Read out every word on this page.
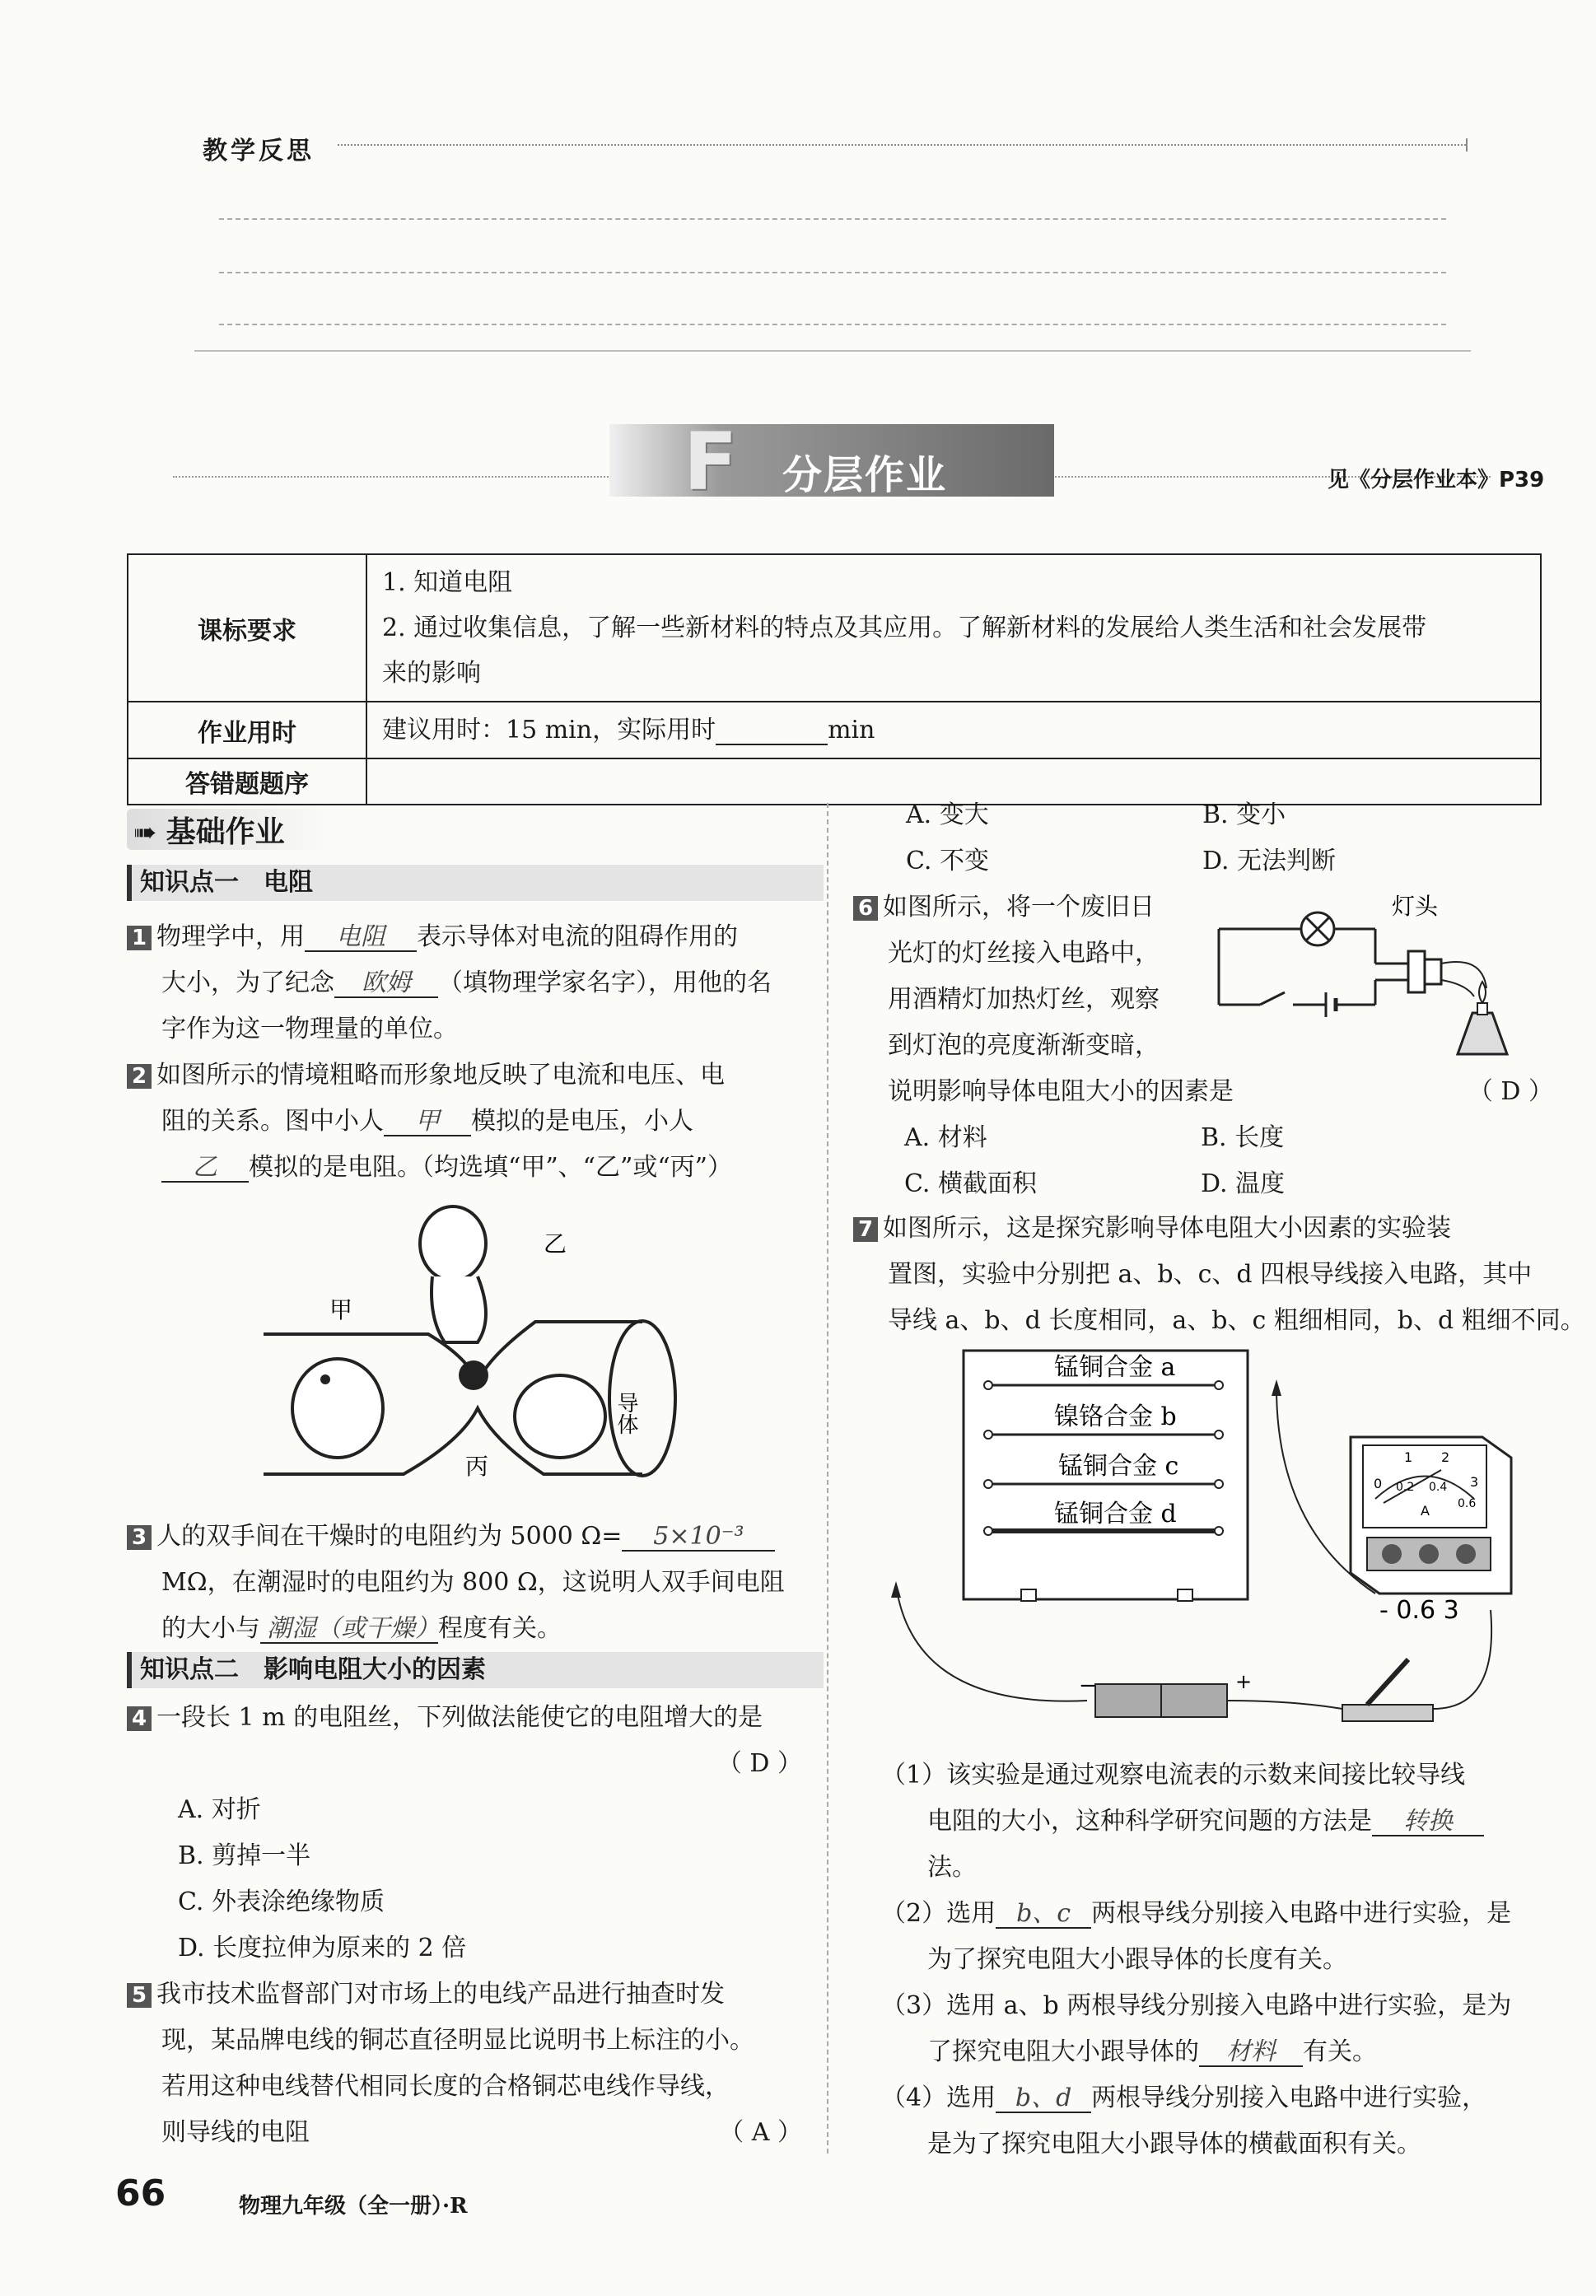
教学反思
F 分层作业	见《分层作业本》P39
课标要求	1. 知道电阻
2. 通过收集信息，了解一些新材料的特点及其应用。了解新材料的发展给人类生活和社会发展带
来的影响

作业用时	建议用时：15 min，实际用时 min
答错题题序	
➠ 基础作业
知识点一　电阻
1 物理学中，用 电阻 表示导体对电流的阻碍作用的
大小，为了纪念 欧姆 （填物理学家名字），用他的名
字作为这一物理量的单位。
2 如图所示的情境粗略而形象地反映了电流和电压、电
阻的关系。图中小人 甲 模拟的是电压，小人
乙 模拟的是电阻。（均选填“甲”、“乙”或“丙”）
甲
乙
丙
导体
3 人的双手间在干燥时的电阻约为 5000 Ω= 5×10⁻³
MΩ，在潮湿时的电阻约为 800 Ω，这说明人双手间电阻
的大小与 潮湿（或干燥）程度有关。
知识点二　影响电阻大小的因素
4 一段长 1 m 的电阻丝，下列做法能使它的电阻增大的是
（ D ）
A. 对折
B. 剪掉一半
C. 外表涂绝缘物质
D. 长度拉伸为原来的 2 倍
5 我市技术监督部门对市场上的电线产品进行抽查时发
现，某品牌电线的铜芯直径明显比说明书上标注的小。
若用这种电线替代相同长度的合格铜芯电线作导线，
则导线的电阻	（ A ）
A. 变大	B. 变小
C. 不变	D. 无法判断
6 如图所示，将一个废旧日
光灯的灯丝接入电路中，
用酒精灯加热灯丝，观察
到灯泡的亮度渐渐变暗，
说明影响导体电阻大小的因素是	（ D ）
A. 材料	B. 长度
C. 横截面积	D. 温度
灯头
7 如图所示，这是探究影响导体电阻大小因素的实验装
置图，实验中分别把 a、b、c、d 四根导线接入电路，其中
导线 a、b、d 长度相同，a、b、c 粗细相同，b、d 粗细不同。
锰铜合金 a
镍铬合金 b
锰铜合金 c
锰铜合金 d
0
1 2
3
0.2 0.4
0.6
A
- 0.6 3
−	+
（1）该实验是通过观察电流表的示数来间接比较导线
电阻的大小，这种科学研究问题的方法是 转换
法。
（2）选用 b、c 两根导线分别接入电路中进行实验，是
为了探究电阻大小跟导体的长度有关。
（3）选用 a、b 两根导线分别接入电路中进行实验，是为
了探究电阻大小跟导体的 材料 有关。
（4）选用 b、d 两根导线分别接入电路中进行实验，
是为了探究电阻大小跟导体的横截面积有关。
66	物理九年级（全一册）·R
